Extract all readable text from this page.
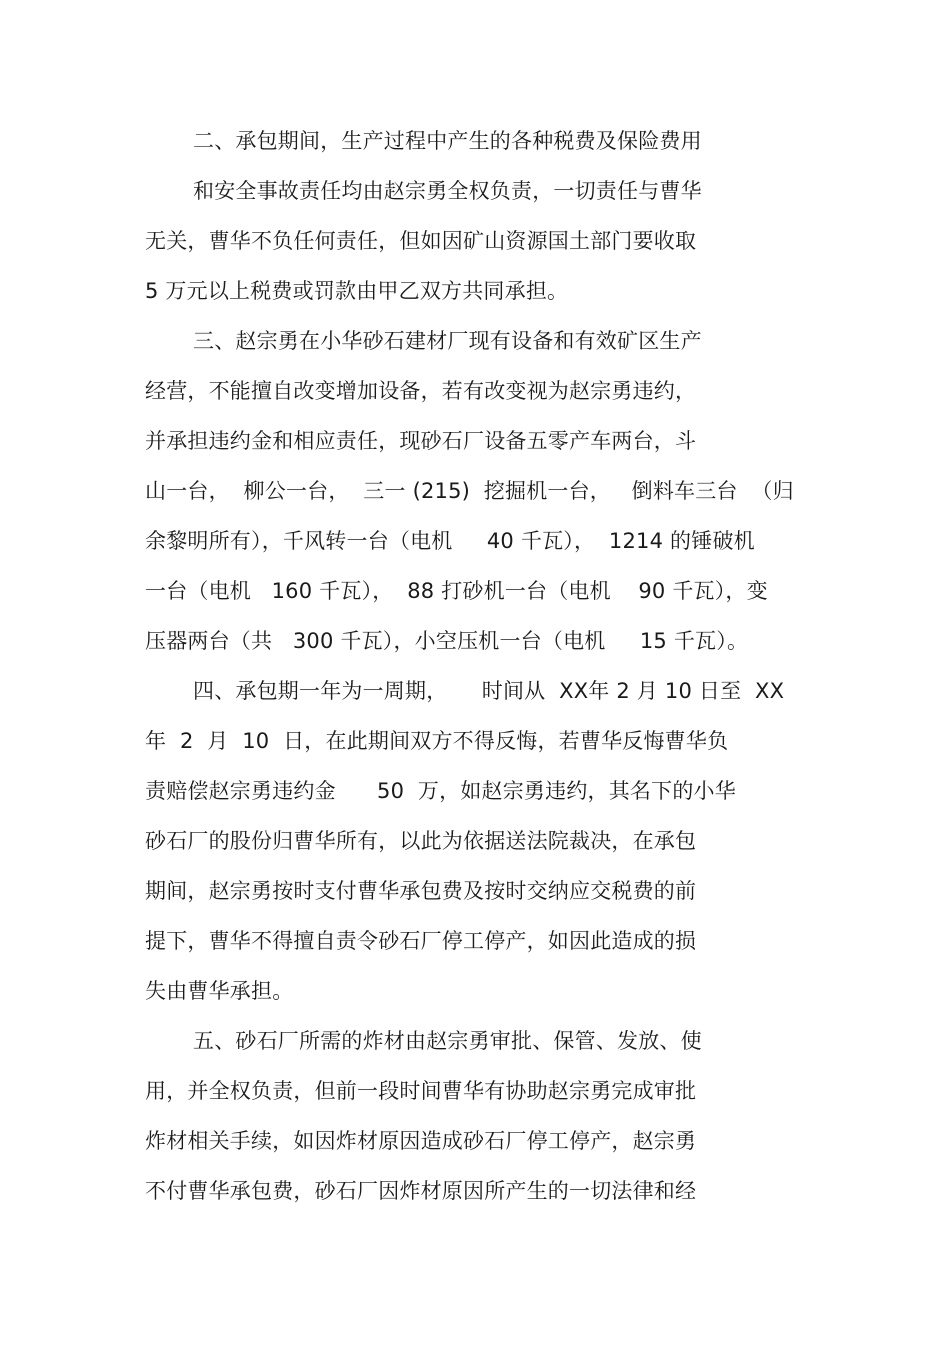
二、承包期间，生产过程中产生的各种税费及保险费用
和安全事故责任均由赵宗勇全权负责，一切责任与曹华
无关，曹华不负任何责任，但如因矿山资源国土部门要收取
5 万元以上税费或罚款由甲乙双方共同承担。
三、赵宗勇在小华砂石建材厂现有设备和有效矿区生产
经营，不能擅自改变增加设备，若有改变视为赵宗勇违约，
并承担违约金和相应责任，现砂石厂设备五零产车两台，斗
山一台，  柳公一台，  三一 (215)  挖掘机一台，   倒料车三台  （归
余黎明所有），千风转一台（电机     40 千瓦），  1214 的锤破机
一台（电机   160 千瓦），  88 打砂机一台（电机    90 千瓦），变
压器两台（共   300 千瓦），小空压机一台（电机     15 千瓦）。
四、承包期一年为一周期，     时间从  XX年 2 月 10 日至  XX
年  2  月  10  日，在此期间双方不得反悔，若曹华反悔曹华负
责赔偿赵宗勇违约金      50  万，如赵宗勇违约，其名下的小华
砂石厂的股份归曹华所有，以此为依据送法院裁决，在承包
期间，赵宗勇按时支付曹华承包费及按时交纳应交税费的前
提下，曹华不得擅自责令砂石厂停工停产，如因此造成的损
失由曹华承担。
五、砂石厂所需的炸材由赵宗勇审批、保管、发放、使
用，并全权负责，但前一段时间曹华有协助赵宗勇完成审批
炸材相关手续，如因炸材原因造成砂石厂停工停产，赵宗勇
不付曹华承包费，砂石厂因炸材原因所产生的一切法律和经
